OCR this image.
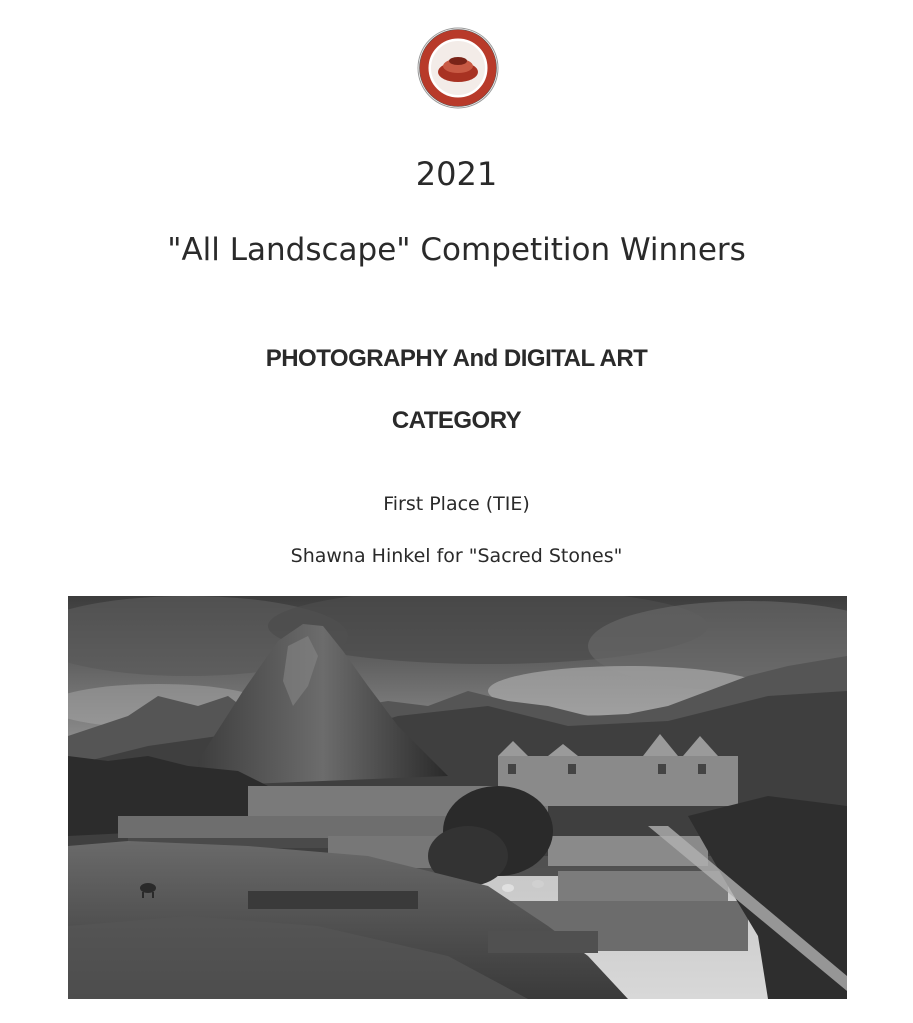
2021
"All Landscape" Competition Winners
PHOTOGRAPHY And DIGITAL ART
CATEGORY

First Place (TIE)

Shawna Hinkel for "Sacred Stones"
